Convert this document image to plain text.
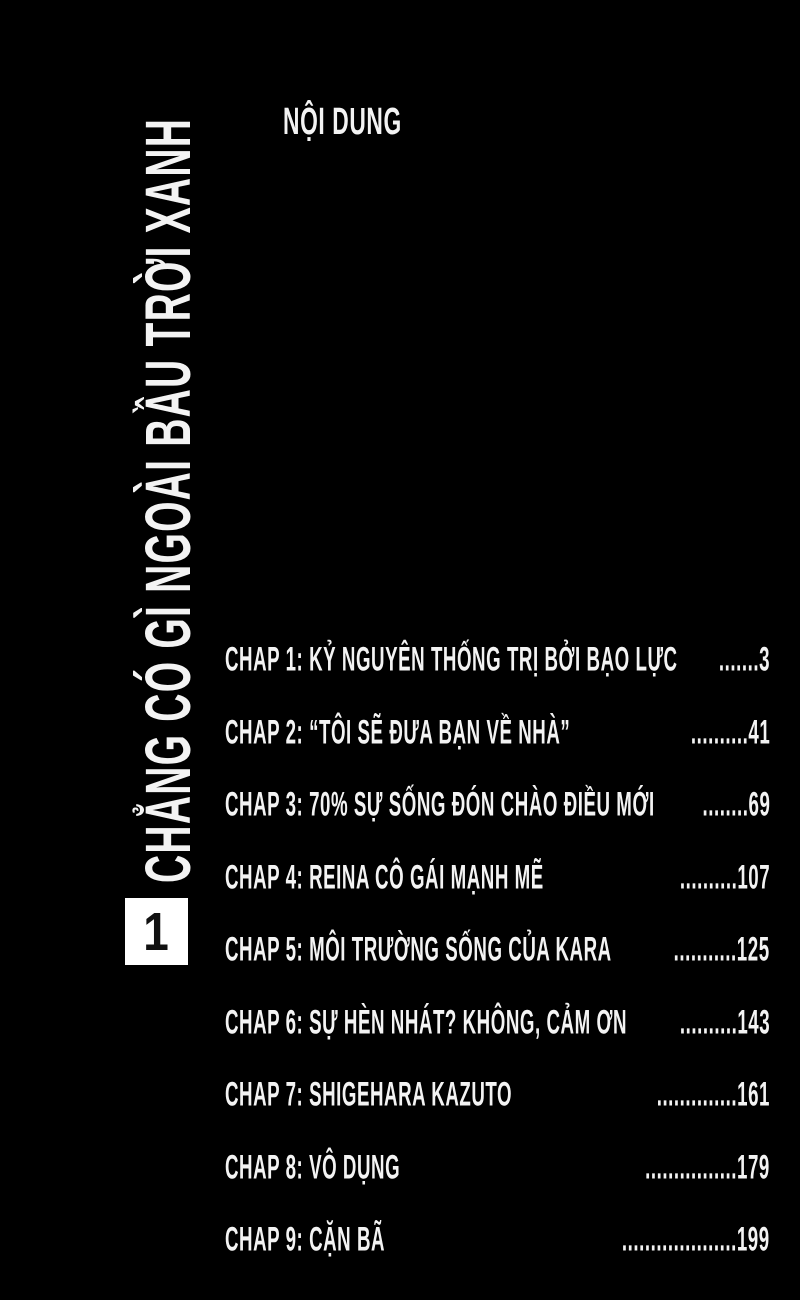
CHẲNG CÓ GÌ NGOÀI BẦU TRỜI XANH
1
NỘI DUNG
CHAP 1: KỶ NGUYÊN THỐNG TRỊ BỞI BẠO LỰC .......3
CHAP 2: “TÔI SẼ ĐƯA BẠN VỀ NHÀ”	..........41
CHAP 3: 70% SỰ SỐNG ĐÓN CHÀO ĐIỀU MỚI ........69
CHAP 4: REINA CÔ GÁI MẠNH MẼ	..........107
CHAP 5: MÔI TRƯỜNG SỐNG CỦA KARA ...........125
CHAP 6: SỰ HÈN NHÁT? KHÔNG, CẢM ƠN ..........143
CHAP 7: SHIGEHARA KAZUTO	..............161
CHAP 8: VÔ DỤNG	................179
CHAP 9: CẶN BÃ	....................199
